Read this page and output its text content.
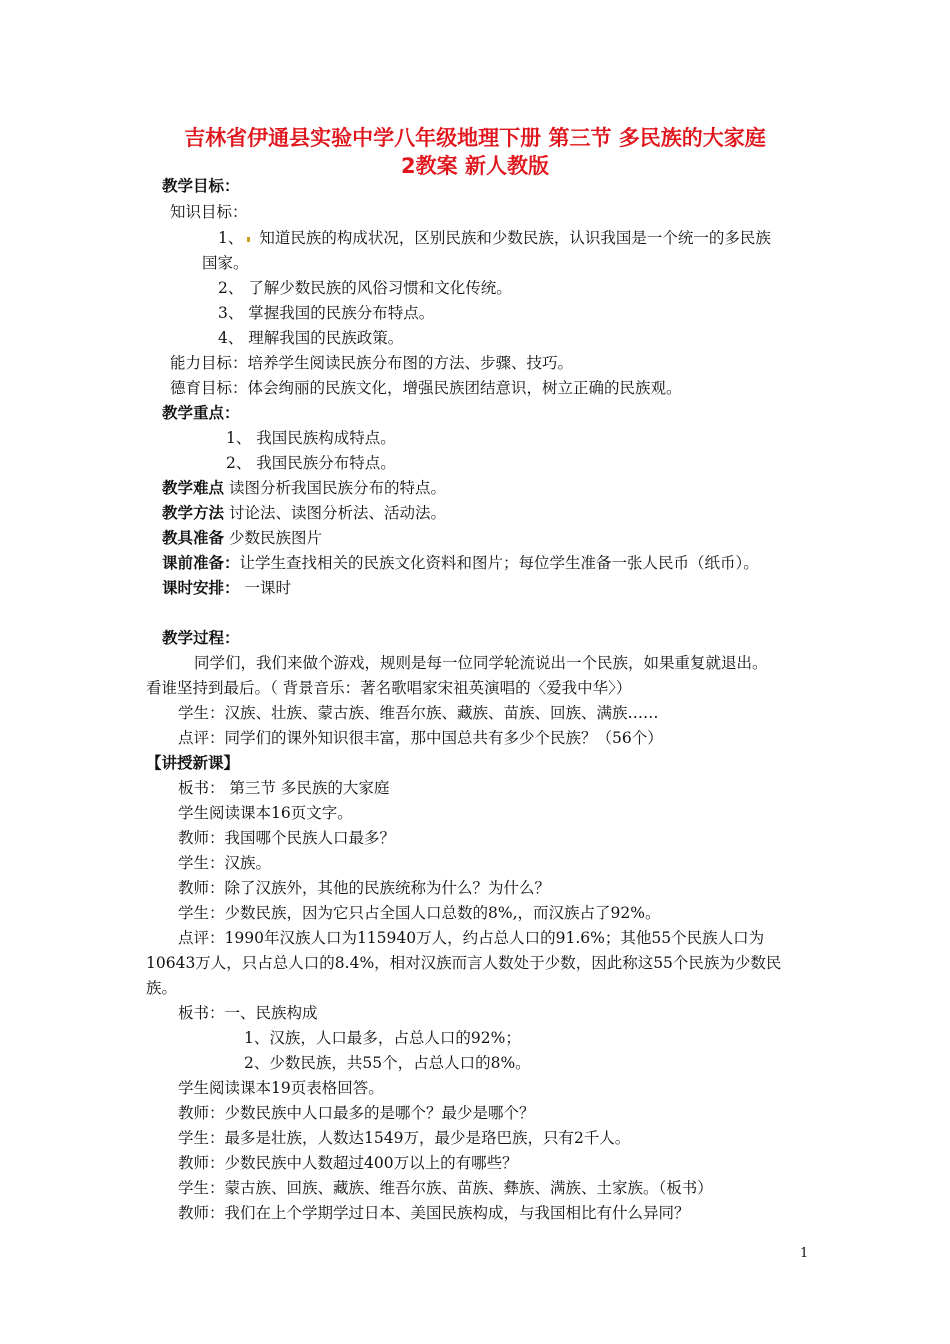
吉林省伊通县实验中学八年级地理下册 第三节 多民族的大家庭
2教案 新人教版
教学目标：
知识目标：
1、 知道民族的构成状况，区别民族和少数民族，认识我国是一个统一的多民族
国家。
2、 了解少数民族的风俗习惯和文化传统。
3、 掌握我国的民族分布特点。
4、 理解我国的民族政策。
能力目标：培养学生阅读民族分布图的方法、步骤、技巧。
德育目标：体会绚丽的民族文化，增强民族团结意识，树立正确的民族观。
教学重点：
1、 我国民族构成特点。
2、 我国民族分布特点。
教学难点 读图分析我国民族分布的特点。
教学方法 讨论法、读图分析法、活动法。
教具准备 少数民族图片
课前准备：让学生查找相关的民族文化资料和图片；每位学生准备一张人民币（纸币）。
课时安排： 一课时
教学过程：
同学们，我们来做个游戏，规则是每一位同学轮流说出一个民族，如果重复就退出。
看谁坚持到最后。（ 背景音乐：著名歌唱家宋祖英演唱的〈爱我中华〉）
学生：汉族、壮族、蒙古族、维吾尔族、藏族、苗族、回族、满族……
点评：同学们的课外知识很丰富，那中国总共有多少个民族？（56个）
【讲授新课】
板书： 第三节 多民族的大家庭
学生阅读课本16页文字。
教师：我国哪个民族人口最多？
学生：汉族。
教师：除了汉族外，其他的民族统称为什么？为什么？
学生：少数民族，因为它只占全国人口总数的8%,，而汉族占了92%。
点评：1990年汉族人口为115940万人，约占总人口的91.6%；其他55个民族人口为
10643万人，只占总人口的8.4%，相对汉族而言人数处于少数，因此称这55个民族为少数民
族。
板书：一、民族构成
1、汉族，人口最多，占总人口的92%；
2、少数民族，共55个，占总人口的8%。
学生阅读课本19页表格回答。
教师：少数民族中人口最多的是哪个？最少是哪个？
学生：最多是壮族，人数达1549万，最少是珞巴族，只有2千人。
教师：少数民族中人数超过400万以上的有哪些？
学生：蒙古族、回族、藏族、维吾尔族、苗族、彝族、满族、土家族。（板书）
教师：我们在上个学期学过日本、美国民族构成，与我国相比有什么异同？
1
